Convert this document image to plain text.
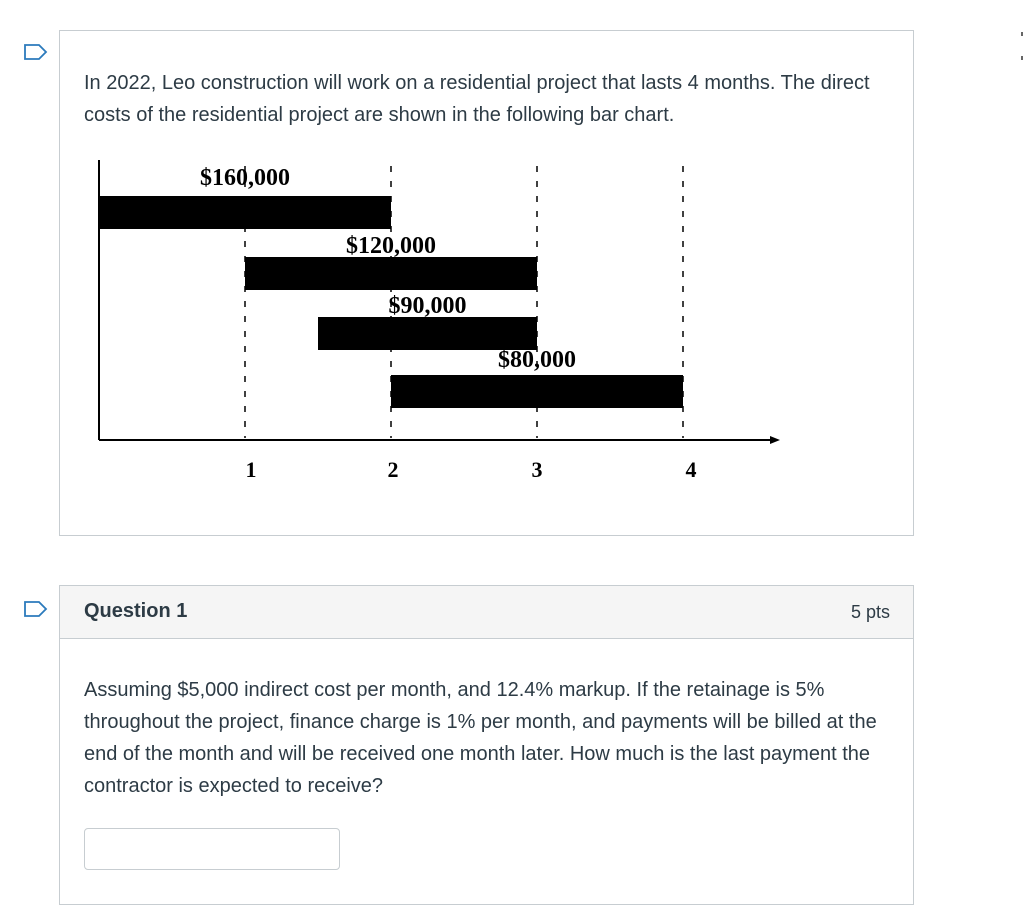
In 2022, Leo construction will work on a residential project that lasts 4 months. The direct costs of the residential project are shown in the following bar chart.

$160,000
A
$120,000
B
$90,000
C
$80,000
D
1	2	3	4
Question 1	5 pts

Assuming $5,000 indirect cost per month, and 12.4% markup. If the retainage is 5% throughout the project, finance charge is 1% per month, and payments will be billed at the end of the month and will be received one month later. How much is the last payment the contractor is expected to receive?
